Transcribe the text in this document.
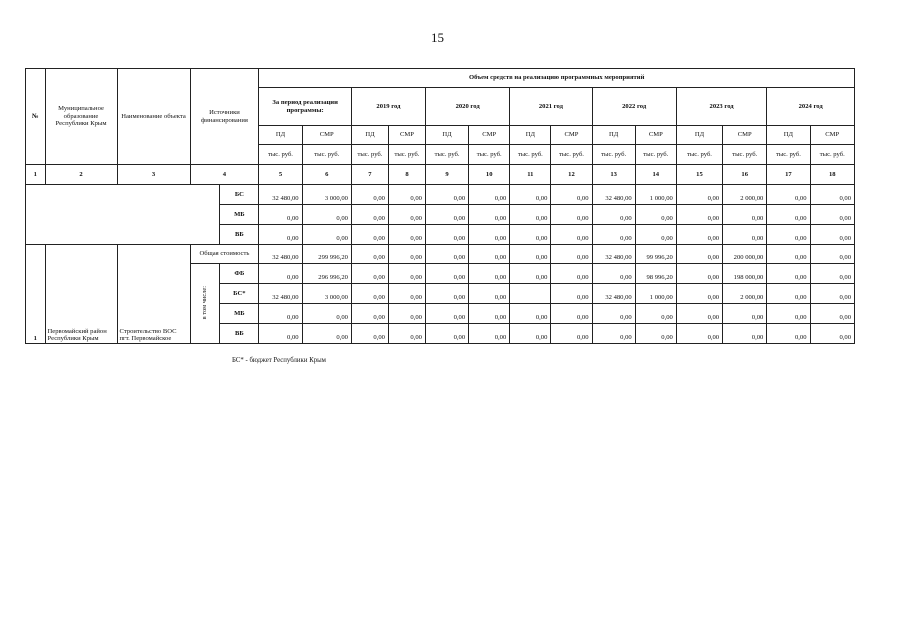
15
№	Муниципальное образование Республики Крым	Наименование объекта	Источники финансирования		Объем средств на реализацию программных мероприятий													
					За период реализации программы:		2019 год		2020 год		2021 год		2022 год		2023 год		2024 год	
					ПД	СМР	ПД	СМР	ПД	СМР	ПД	СМР	ПД	СМР	ПД	СМР	ПД	СМР
					тыс. руб.	тыс. руб.	тыс. руб.	тыс. руб.	тыс. руб.	тыс. руб.	тыс. руб.	тыс. руб.	тыс. руб.	тыс. руб.	тыс. руб.	тыс. руб.	тыс. руб.	тыс. руб.
1	2	3	4		5	6	7	8	9	10	11	12	13	14	15	16	17	18
				БС	32 480,00	3 000,00	0,00	0,00	0,00	0,00	0,00	0,00	32 480,00	1 000,00	0,00	2 000,00	0,00	0,00
				МБ	0,00	0,00	0,00	0,00	0,00	0,00	0,00	0,00	0,00	0,00	0,00	0,00	0,00	0,00
				ВБ	0,00	0,00	0,00	0,00	0,00	0,00	0,00	0,00	0,00	0,00	0,00	0,00	0,00	0,00
1	Первомайский район Республики Крым	Строительство ВОС пгт. Первомайское	Общая стоимость		32 480,00	299 996,20	0,00	0,00	0,00	0,00	0,00	0,00	32 480,00	99 996,20	0,00	200 000,00	0,00	0,00
			в том числе:	ФБ	0,00	296 996,20	0,00	0,00	0,00	0,00	0,00	0,00	0,00	98 996,20	0,00	198 000,00	0,00	0,00
				БС*	32 480,00	3 000,00	0,00	0,00	0,00	0,00		0,00	32 480,00	1 000,00	0,00	2 000,00	0,00	0,00
				МБ	0,00	0,00	0,00	0,00	0,00	0,00	0,00	0,00	0,00	0,00	0,00	0,00	0,00	0,00
				ВБ	0,00	0,00	0,00	0,00	0,00	0,00	0,00	0,00	0,00	0,00	0,00	0,00	0,00	0,00
БС* - бюджет Республики Крым
